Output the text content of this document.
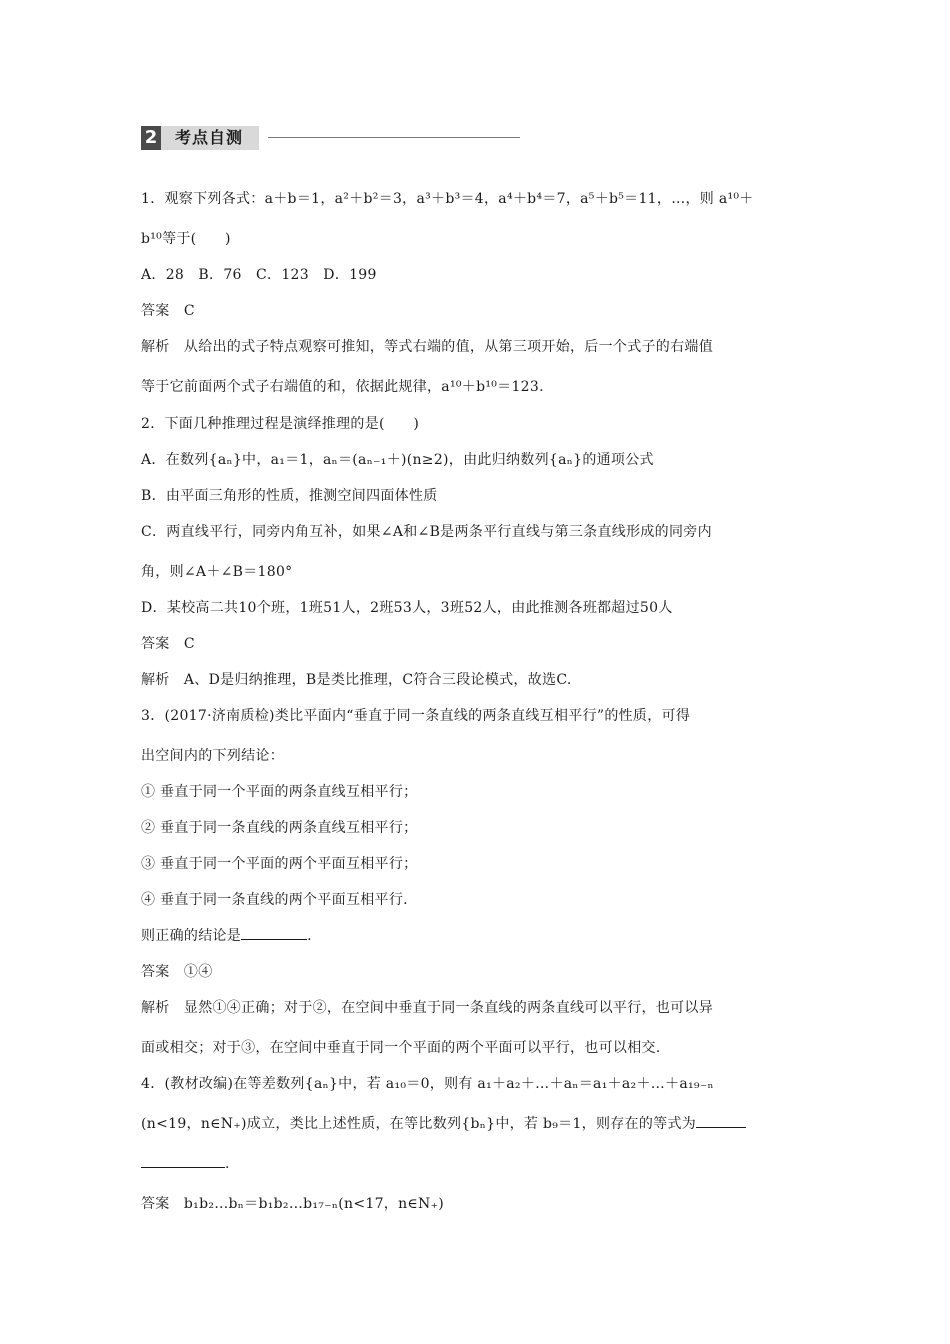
2	考点自测
1．观察下列各式：a＋b＝1，a²＋b²＝3，a³＋b³＝4，a⁴＋b⁴＝7，a⁵＋b⁵＝11，…，则 a¹⁰＋
b¹⁰等于(　　)
A．28　B．76　C．123　D．199
答案　C
解析　从给出的式子特点观察可推知，等式右端的值，从第三项开始，后一个式子的右端值
等于它前面两个式子右端值的和，依据此规律，a¹⁰＋b¹⁰＝123.
2．下面几种推理过程是演绎推理的是(　　)
A．在数列{aₙ}中，a₁＝1，aₙ＝(aₙ₋₁＋)(n≥2)，由此归纳数列{aₙ}的通项公式
B．由平面三角形的性质，推测空间四面体性质
C．两直线平行，同旁内角互补，如果∠A和∠B是两条平行直线与第三条直线形成的同旁内
角，则∠A＋∠B＝180°
D．某校高二共10个班，1班51人，2班53人，3班52人，由此推测各班都超过50人
答案　C
解析　A、D是归纳推理，B是类比推理，C符合三段论模式，故选C.
3．(2017·济南质检)类比平面内“垂直于同一条直线的两条直线互相平行”的性质，可得
出空间内的下列结论：
① 垂直于同一个平面的两条直线互相平行；
② 垂直于同一条直线的两条直线互相平行；
③ 垂直于同一个平面的两个平面互相平行；
④ 垂直于同一条直线的两个平面互相平行.
则正确的结论是	.
答案　①④
解析　显然①④正确；对于②，在空间中垂直于同一条直线的两条直线可以平行，也可以异
面或相交；对于③，在空间中垂直于同一个平面的两个平面可以平行，也可以相交.
4．(教材改编)在等差数列{aₙ}中，若 a₁₀＝0，则有 a₁＋a₂＋…＋aₙ＝a₁＋a₂＋…＋a₁₉₋ₙ
(n<19，n∈N₊)成立，类比上述性质，在等比数列{bₙ}中，若 b₉＝1，则存在的等式为
.
答案　b₁b₂…bₙ＝b₁b₂…b₁₇₋ₙ(n<17，n∈N₊)
